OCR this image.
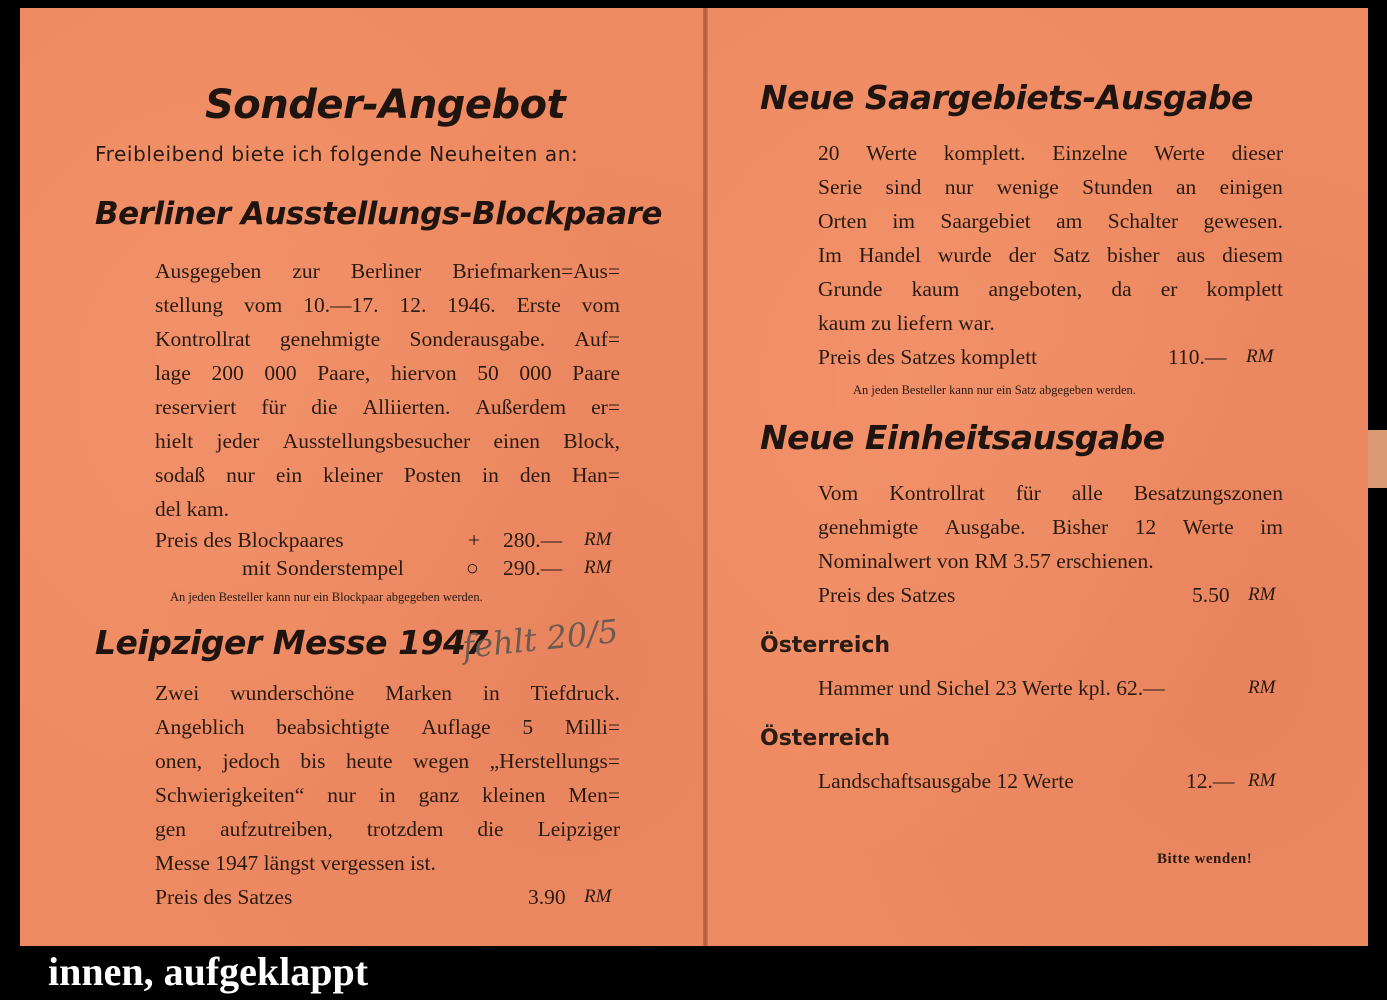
Sonder-Angebot
Freibleibend biete ich folgende Neuheiten an:
Berliner Ausstellungs-Blockpaare
Ausgegeben zur Berliner Briefmarken=Aus=
stellung vom 10.—17. 12. 1946. Erste vom
Kontrollrat genehmigte Sonderausgabe. Auf=
lage 200 000 Paare, hiervon 50 000 Paare
reserviert für die Alliierten. Außerdem er=
hielt jeder Ausstellungsbesucher einen Block,
sodaß nur ein kleiner Posten in den Han=
del kam.
Preis des Blockpaares	+ 280.— RM
mit Sonderstempel	○ 290.— RM
An jeden Besteller kann nur ein Blockpaar abgegeben werden.
Leipziger Messe 1947
fehlt 20/5
Zwei wunderschöne Marken in Tiefdruck.
Angeblich beabsichtigte Auflage 5 Milli=
onen, jedoch bis heute wegen „Herstellungs=
Schwierigkeiten“ nur in ganz kleinen Men=
gen aufzutreiben, trotzdem die Leipziger
Messe 1947 längst vergessen ist.
Preis des Satzes	3.90 RM
Neue Saargebiets-Ausgabe
20 Werte komplett. Einzelne Werte dieser
Serie sind nur wenige Stunden an einigen
Orten im Saargebiet am Schalter gewesen.
Im Handel wurde der Satz bisher aus diesem
Grunde kaum angeboten, da er komplett
kaum zu liefern war.
Preis des Satzes komplett	110.— RM
An jeden Besteller kann nur ein Satz abgegeben werden.
Neue Einheitsausgabe
Vom Kontrollrat für alle Besatzungszonen
genehmigte Ausgabe. Bisher 12 Werte im
Nominalwert von RM 3.57 erschienen.
Preis des Satzes	5.50 RM
Österreich
Hammer und Sichel 23 Werte kpl. 62.—	RM
Österreich
Landschaftsausgabe 12 Werte	12.— RM
Bitte wenden!
innen, aufgeklappt
